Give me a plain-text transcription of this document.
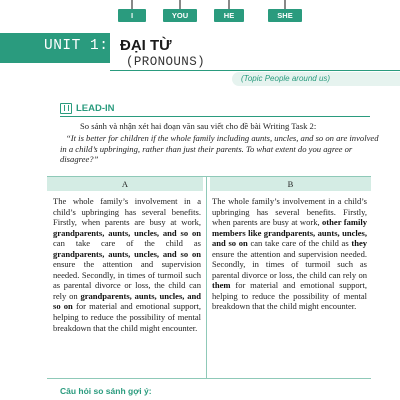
I	YOU	HE	SHE
UNIT 1: ĐẠI TỪ
(PRONOUNS)
(Topic People around us)
LEAD-IN
So sánh và nhận xét hai đoạn văn sau viết cho đề bài Writing Task 2:
“It is better for children if the whole family including aunts, uncles, and so on are involved in a child’s upbringing, rather than just their parents. To what extent do you agree or disagree?”
A	B
The whole family’s involvement in a child’s upbringing has several benefits. Firstly, when parents are busy at work, grandparents, aunts, uncles, and so on can take care of the child as grandparents, aunts, uncles, and so on ensure the attention and supervision needed. Secondly, in times of turmoil such as parental divorce or loss, the child can rely on grandparents, aunts, uncles, and so on for material and emotional support, helping to reduce the possibility of mental breakdown that the child might encounter.
The whole family’s involvement in a child’s upbringing has several benefits. Firstly, when parents are busy at work, other family members like grandparents, aunts, uncles, and so on can take care of the child as they ensure the attention and supervision needed. Secondly, in times of turmoil such as parental divorce or loss, the child can rely on them for material and emotional support, helping to reduce the possibility of mental breakdown that the child might encounter.
Câu hỏi so sánh gợi ý:
